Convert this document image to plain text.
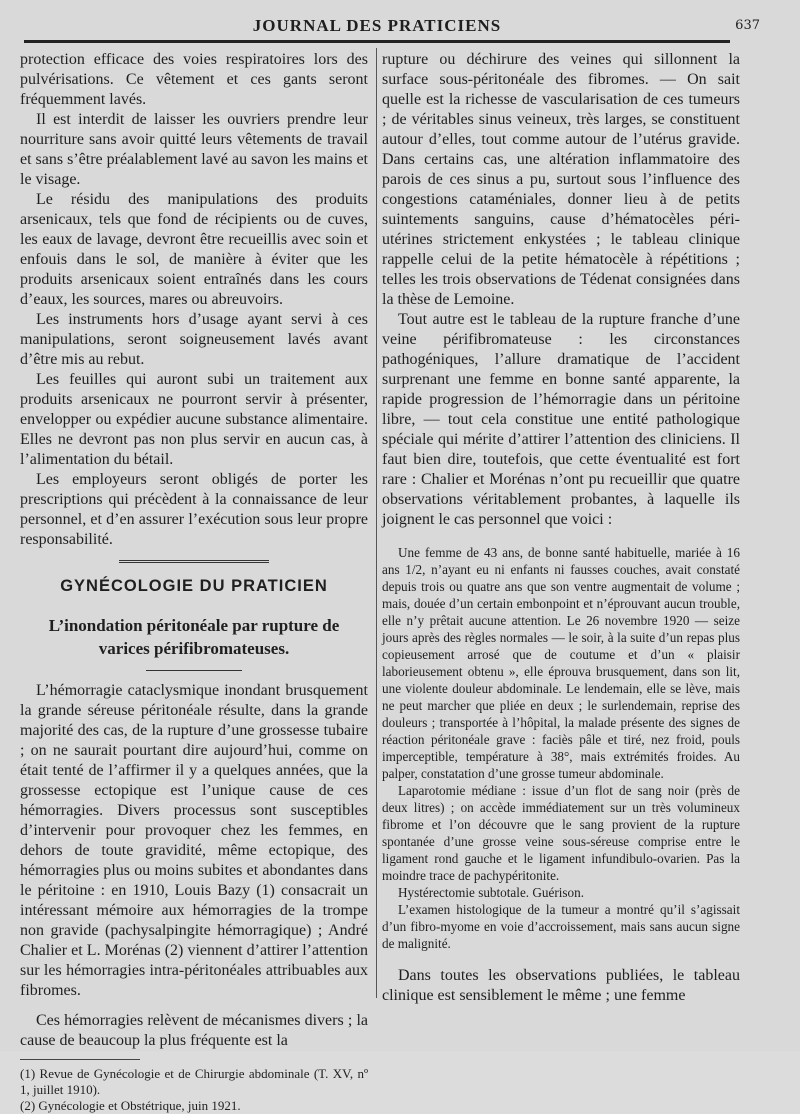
JOURNAL DES PRATICIENS	637

protection efficace des voies respiratoires lors des pulvérisations. Ce vêtement et ces gants seront fréquemment lavés.

Il est interdit de laisser les ouvriers prendre leur nourriture sans avoir quitté leurs vêtements de travail et sans s’être préalablement lavé au savon les mains et le visage.

Le résidu des manipulations des produits arsenicaux, tels que fond de récipients ou de cuves, les eaux de lavage, devront être recueillis avec soin et enfouis dans le sol, de manière à éviter que les produits arsenicaux soient entraînés dans les cours d’eaux, les sources, mares ou abreuvoirs.

Les instruments hors d’usage ayant servi à ces manipulations, seront soigneusement lavés avant d’être mis au rebut.

Les feuilles qui auront subi un traitement aux produits arsenicaux ne pourront servir à présenter, envelopper ou expédier aucune substance alimentaire. Elles ne devront pas non plus servir en aucun cas, à l’alimentation du bétail.

Les employeurs seront obligés de porter les prescriptions qui précèdent à la connaissance de leur personnel, et d’en assurer l’exécution sous leur propre responsabilité.

GYNÉCOLOGIE DU PRATICIEN
L’inondation péritonéale par rupture de
varices périfibromateuses.

L’hémorragie cataclysmique inondant brusquement la grande séreuse péritonéale résulte, dans la grande majorité des cas, de la rupture d’une grossesse tubaire ; on ne saurait pourtant dire aujourd’hui, comme on était tenté de l’affirmer il y a quelques années, que la grossesse ectopique est l’unique cause de ces hémorragies. Divers processus sont susceptibles d’intervenir pour provoquer chez les femmes, en dehors de toute gravidité, même ectopique, des hémorragies plus ou moins subites et abondantes dans le péritoine : en 1910, Louis Bazy (1) consacrait un intéressant mémoire aux hémorragies de la trompe non gravide (pachysalpingite hémorragique) ; André Chalier et L. Morénas (2) viennent d’attirer l’attention sur les hémorragies intra-péritonéales attribuables aux fibromes.

Ces hémorragies relèvent de mécanismes divers ; la cause de beaucoup la plus fréquente est la

(1) Revue de Gynécologie et de Chirurgie abdominale (T. XV, nº 1, juillet 1910).

(2) Gynécologie et Obstétrique, juin 1921.

rupture ou déchirure des veines qui sillonnent la surface sous-péritonéale des fibromes. — On sait quelle est la richesse de vascularisation de ces tumeurs ; de véritables sinus veineux, très larges, se constituent autour d’elles, tout comme autour de l’utérus gravide. Dans certains cas, une altération inflammatoire des parois de ces sinus a pu, surtout sous l’influence des congestions cataméniales, donner lieu à de petits suintements sanguins, cause d’hématocèles péri-utérines strictement enkystées ; le tableau clinique rappelle celui de la petite hématocèle à répétitions ; telles les trois observations de Tédenat consignées dans la thèse de Lemoine.

Tout autre est le tableau de la rupture franche d’une veine périfibromateuse : les circonstances pathogéniques, l’allure dramatique de l’accident surprenant une femme en bonne santé apparente, la rapide progression de l’hémorragie dans un péritoine libre, — tout cela constitue une entité pathologique spéciale qui mérite d’attirer l’attention des cliniciens. Il faut bien dire, toutefois, que cette éventualité est fort rare : Chalier et Morénas n’ont pu recueillir que quatre observations véritablement probantes, à laquelle ils joignent le cas personnel que voici :

Une femme de 43 ans, de bonne santé habituelle, mariée à 16 ans 1/2, n’ayant eu ni enfants ni fausses couches, avait constaté depuis trois ou quatre ans que son ventre augmentait de volume ; mais, douée d’un certain embonpoint et n’éprouvant aucun trouble, elle n’y prêtait aucune attention. Le 26 novembre 1920 — seize jours après des règles normales — le soir, à la suite d’un repas plus copieusement arrosé que de coutume et d’un « plaisir laborieusement obtenu », elle éprouva brusquement, dans son lit, une violente douleur abdominale. Le lendemain, elle se lève, mais ne peut marcher que pliée en deux ; le surlendemain, reprise des douleurs ; transportée à l’hôpital, la malade présente des signes de réaction péritonéale grave : faciès pâle et tiré, nez froid, pouls imperceptible, température à 38°, mais extrémités froides. Au palper, constatation d’une grosse tumeur abdominale.

Laparotomie médiane : issue d’un flot de sang noir (près de deux litres) ; on accède immédiatement sur un très volumineux fibrome et l’on découvre que le sang provient de la rupture spontanée d’une grosse veine sous-séreuse comprise entre le ligament rond gauche et le ligament infundibulo-ovarien. Pas la moindre trace de pachypéritonite.

Hystérectomie subtotale. Guérison.

L’examen histologique de la tumeur a montré qu’il s’agissait d’un fibro-myome en voie d’accroissement, mais sans aucun signe de malignité.

Dans toutes les observations publiées, le tableau clinique est sensiblement le même ; une femme
